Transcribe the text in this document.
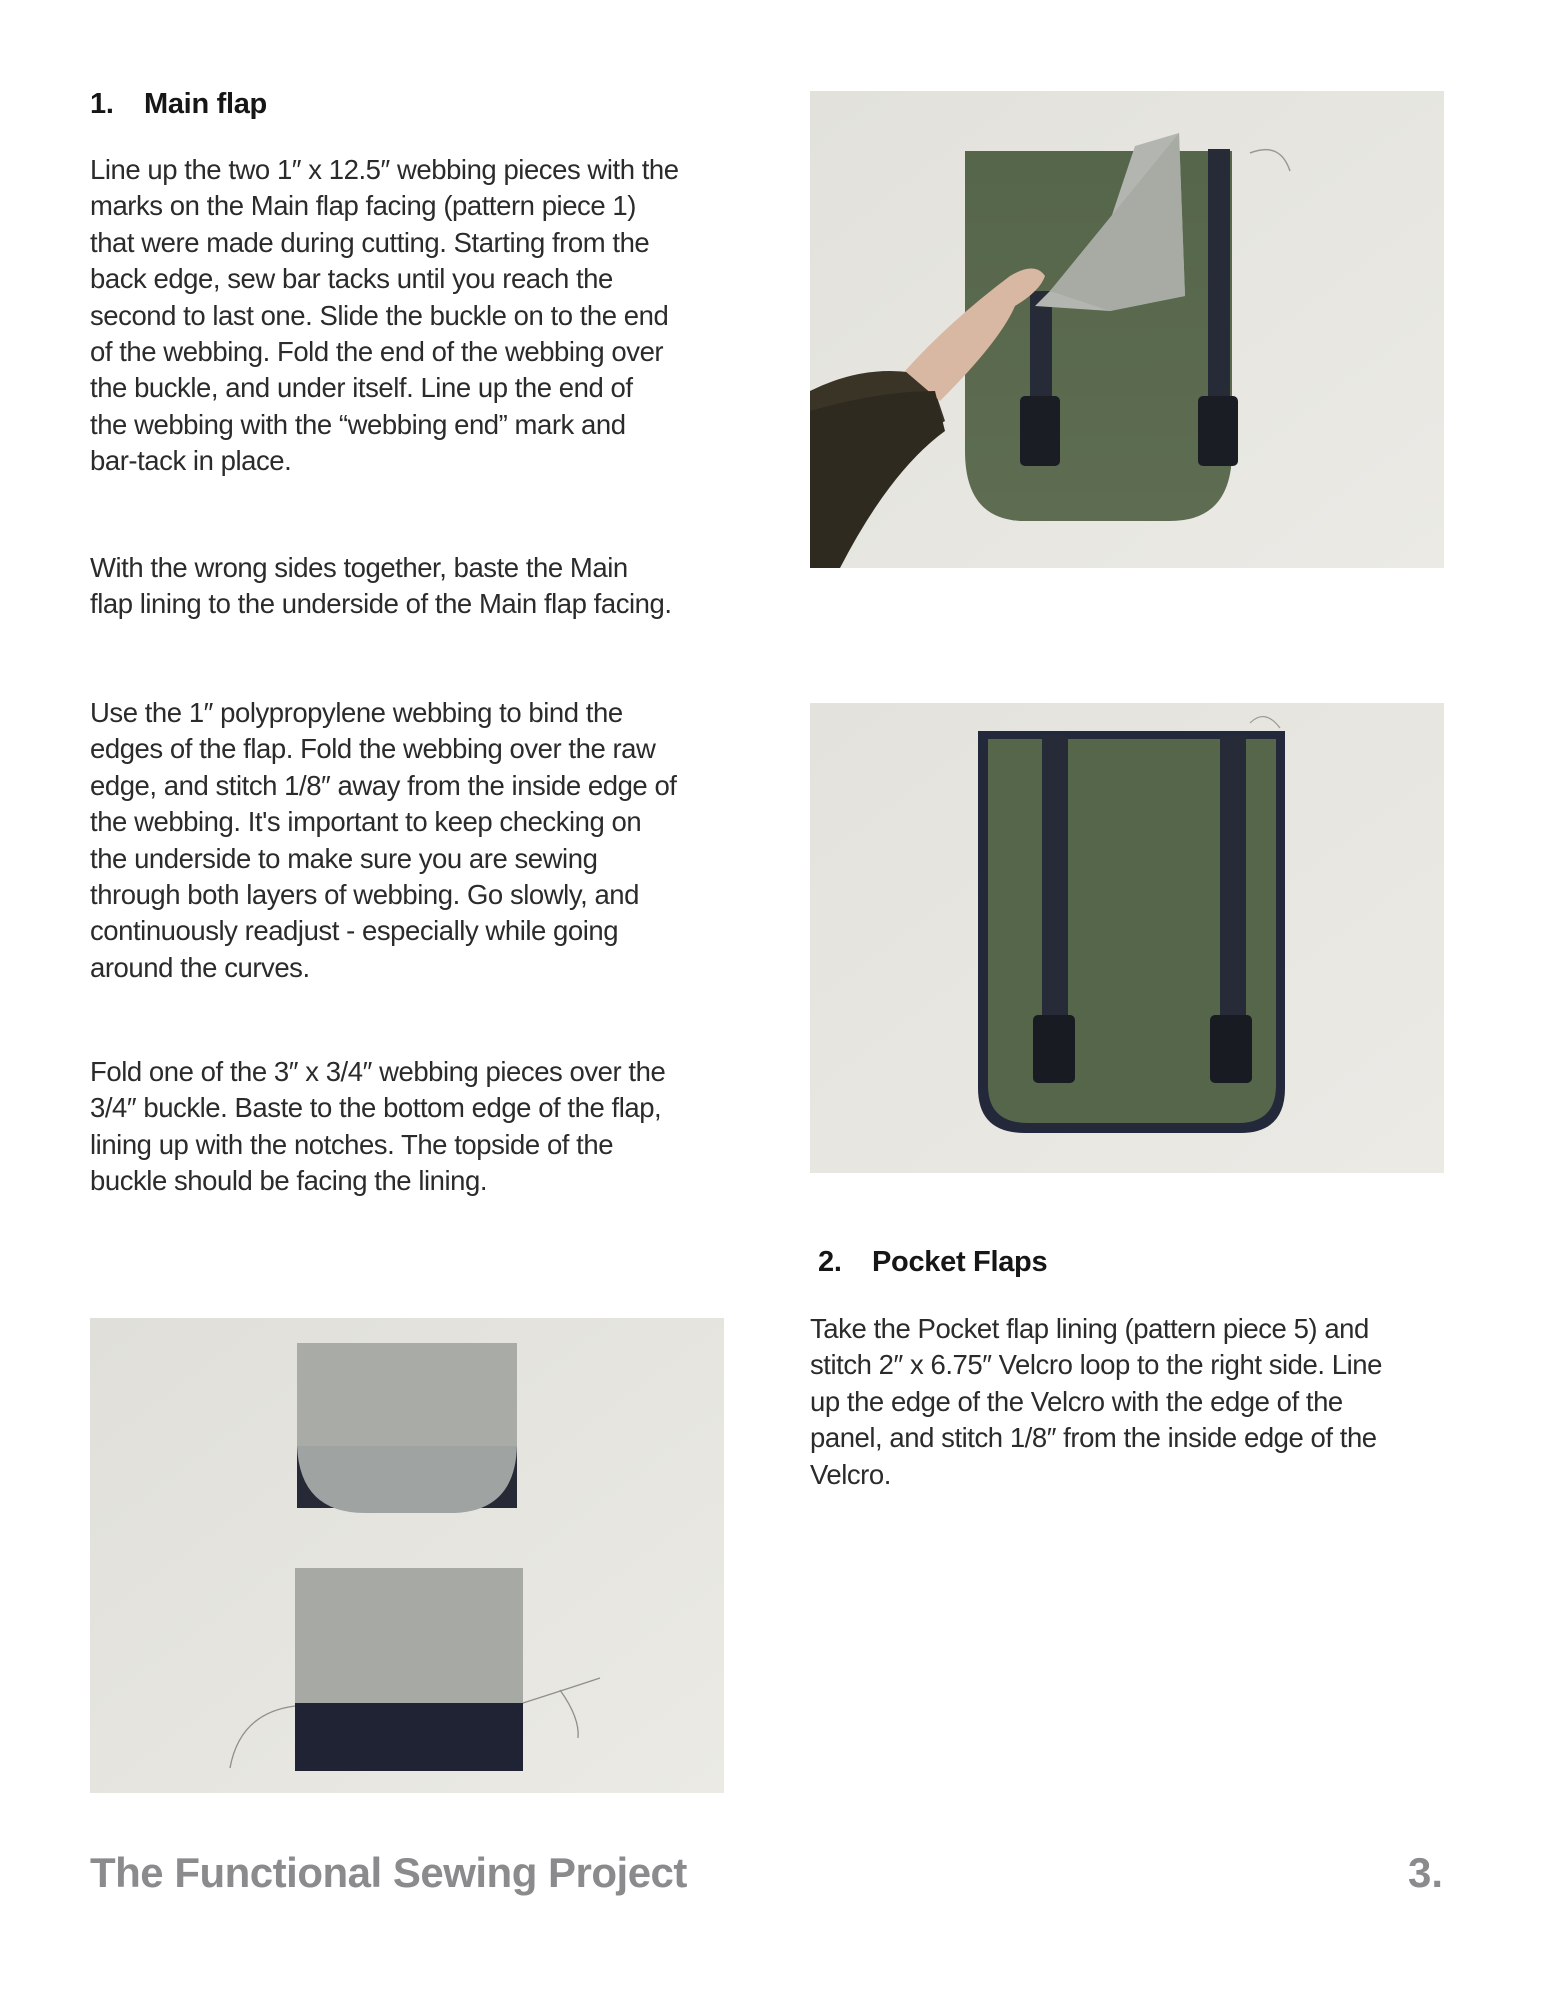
1. Main flap

Line up the two 1″ x 12.5″ webbing pieces with the

marks on the Main flap facing (pattern piece 1)

that were made during cutting. Starting from the

back edge, sew bar tacks until you reach the

second to last one. Slide the buckle on to the end

of the webbing. Fold the end of the webbing over

the buckle, and under itself. Line up the end of

the webbing with the “webbing end” mark and

bar-tack in place.

With the wrong sides together, baste the Main

flap lining to the underside of the Main flap facing.

Use the 1″ polypropylene webbing to bind the

edges of the flap. Fold the webbing over the raw

edge, and stitch 1/8″ away from the inside edge of

the webbing. It's important to keep checking on

the underside to make sure you are sewing

through both layers of webbing. Go slowly, and

continuously readjust - especially while going

around the curves.

Fold one of the 3″ x 3/4″ webbing pieces over the

3/4″ buckle. Baste to the bottom edge of the flap,

lining up with the notches. The topside of the

buckle should be facing the lining.

2. Pocket Flaps

Take the Pocket flap lining (pattern piece 5) and

stitch 2″ x 6.75″ Velcro loop to the right side. Line

up the edge of the Velcro with the edge of the

panel, and stitch 1/8″ from the inside edge of the

Velcro.

The Functional Sewing Project	3.
